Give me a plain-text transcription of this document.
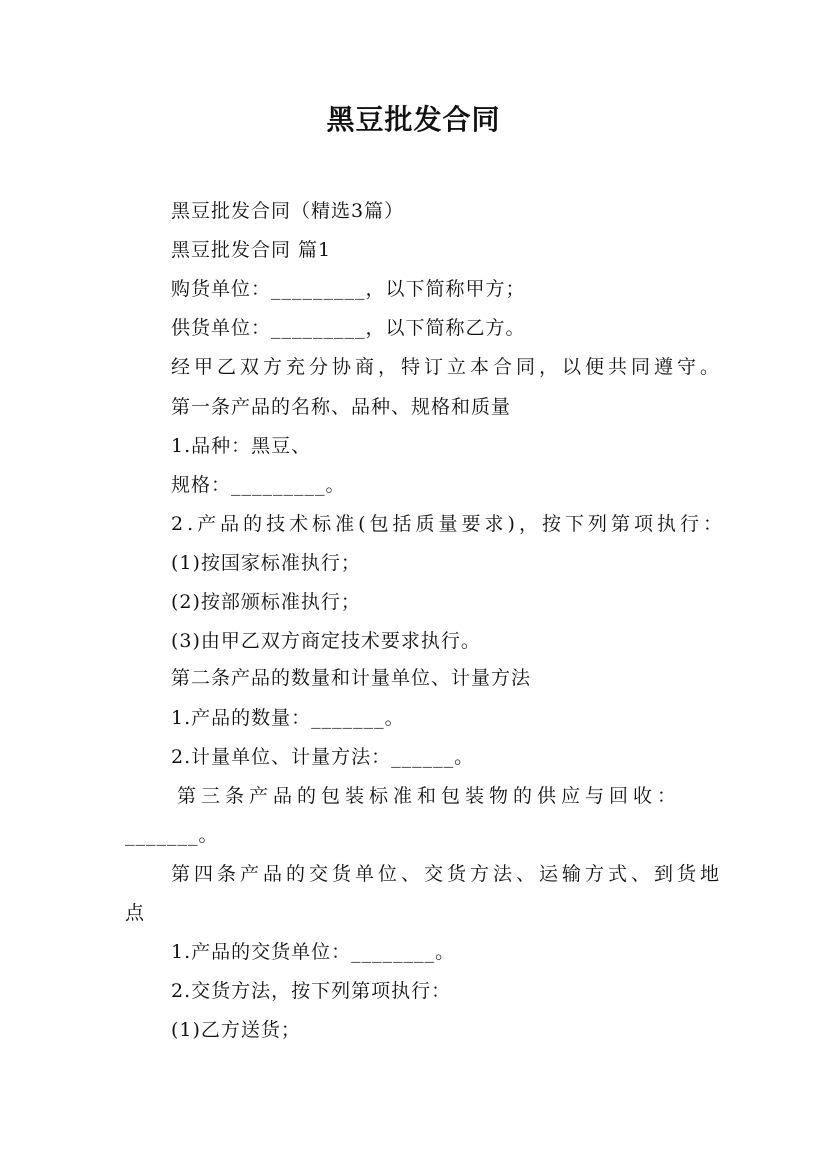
黑豆批发合同
黑豆批发合同（精选3篇）
黑豆批发合同 篇1
购货单位：_________，以下简称甲方；
供货单位：_________，以下简称乙方。
经甲乙双方充分协商，特订立本合同，以便共同遵守。
第一条产品的名称、品种、规格和质量
1.品种：黑豆、
规格：_________。
2.产品的技术标准(包括质量要求)，按下列第项执行：
(1)按国家标准执行；
(2)按部颁标准执行；
(3)由甲乙双方商定技术要求执行。
第二条产品的数量和计量单位、计量方法
1.产品的数量：_______。
2.计量单位、计量方法：______。
第三条产品的包装标准和包装物的供应与回收：
_______。
第四条产品的交货单位、交货方法、运输方式、到货地
点
1.产品的交货单位：________。
2.交货方法，按下列第项执行：
(1)乙方送货；
